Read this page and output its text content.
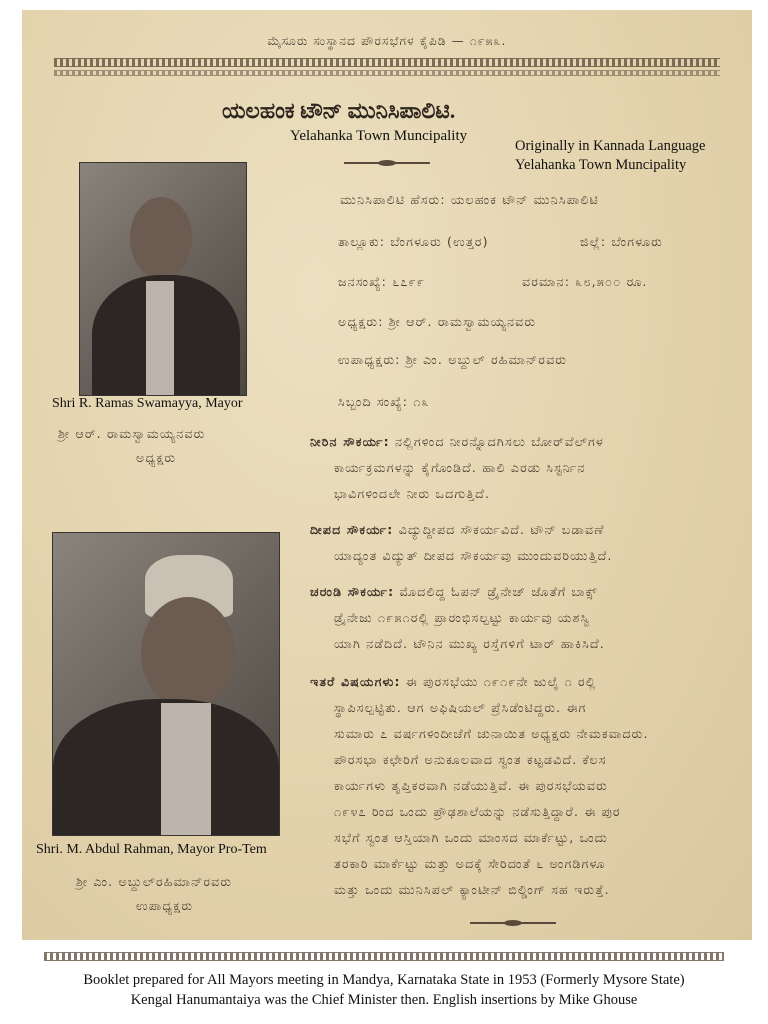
ಮೈಸೂರು ಸಂಸ್ಥಾನದ ಪೌರಸಭೆಗಳ ಕೈಪಿಡಿ — ೧೯೫೩.
ಯಲಹಂಕ ಟೌನ್ ಮುನಿಸಿಪಾಲಿಟಿ.
Yelahanka Town Muncipality
Originally in Kannada Language
Yelahanka Town Muncipality
Shri R. Ramas Swamayya, Mayor
ಶ್ರೀ ಆರ್. ರಾಮಸ್ವಾಮಯ್ಯನವರು
ಅಧ್ಯಕ್ಷರು
Shri. M. Abdul Rahman, Mayor Pro-Tem
ಶ್ರೀ ಎಂ. ಅಬ್ದುಲ್‌ರಹಿಮಾನ್‌ರವರು
ಉಪಾಧ್ಯಕ್ಷರು
ಮುನಿಸಿಪಾಲಿಟಿ ಹೆಸರು: ಯಲಹಂಕ ಟೌನ್ ಮುನಿಸಿಪಾಲಿಟಿ
ತಾಲ್ಲೂಕು: ಬೆಂಗಳೂರು (ಉತ್ತರ)	ಜಿಲ್ಲೆ: ಬೆಂಗಳೂರು
ಜನಸಂಖ್ಯೆ: ೬೭೯೯	ವರಮಾನ: ೩೮,೫೦೦ ರೂ.
ಅಧ್ಯಕ್ಷರು: ಶ್ರೀ ಆರ್. ರಾಮಸ್ವಾಮಯ್ಯನವರು
ಉಪಾಧ್ಯಕ್ಷರು: ಶ್ರೀ ಎಂ. ಅಬ್ದುಲ್ ರಹಿಮಾನ್‌ರವರು
ಸಿಬ್ಬಂದಿ ಸಂಖ್ಯೆ: ೧೩
ನೀರಿನ ಸೌಕರ್ಯ: ನಲ್ಲಿಗಳಿಂದ ನೀರನ್ನೊದಗಿಸಲು ಬೋರ್‌ವೆಲ್‌ಗಳ
ಕಾರ್ಯಕ್ರಮಗಳನ್ನು ಕೈಗೊಂಡಿದೆ. ಹಾಲಿ ಎರಡು ಸಿಸ್ಟರ್ನಿನ
ಭಾವಿಗಳಿಂದಲೇ ನೀರು ಒದಗುತ್ತಿದೆ.
ದೀಪದ ಸೌಕರ್ಯ: ವಿದ್ಯುದ್ದೀಪದ ಸೌಕರ್ಯವಿದೆ. ಟೌನ್ ಬಡಾವಣೆ
ಯಾದ್ಯಂತ ವಿದ್ಯುತ್ ದೀಪದ ಸೌಕರ್ಯವು ಮುಂದುವರಿಯುತ್ತಿದೆ.
ಚರಂಡಿ ಸೌಕರ್ಯ: ಮೊದಲಿದ್ದ ಓಪನ್ ಡ್ರೈನೇಜ್ ಜೊತೆಗೆ ಬಾಕ್ಸ್
ಡ್ರೈನೇಜು ೧೯೫೧ರಲ್ಲಿ ಪ್ರಾರಂಭಿಸಲ್ಪಟ್ಟು ಕಾರ್ಯವು ಯಶಸ್ವಿ
ಯಾಗಿ ನಡೆದಿದೆ. ಟೌನಿನ ಮುಖ್ಯ ರಸ್ತೆಗಳಿಗೆ ಟಾರ್ ಹಾಕಿಸಿದೆ.
ಇತರೆ ವಿಷಯಗಳು: ಈ ಪುರಸಭೆಯು ೧೯೧೯ನೇ ಜುಲೈ ೧ ರಲ್ಲಿ
ಸ್ಥಾಪಿಸಲ್ಪಟ್ಟಿತು. ಆಗ ಅಫಿಷಿಯಲ್ ಪ್ರೆಸಿಡೆಂಟಿದ್ದರು. ಈಗ
ಸುಮಾರು ೭ ವರ್ಷಗಳಿಂದೀಚೆಗೆ ಚುನಾಯಿತ ಅಧ್ಯಕ್ಷರು ನೇಮಕವಾದರು.
ಪೌರಸಭಾ ಕಛೇರಿಗೆ ಅನುಕೂಲವಾದ ಸ್ವಂತ ಕಟ್ಟಡವಿದೆ. ಕೆಲಸ
ಕಾರ್ಯಗಳು ತೃಪ್ತಿಕರವಾಗಿ ನಡೆಯುತ್ತಿವೆ. ಈ ಪುರಸಭೆಯವರು
೧೯೪೭ ರಿಂದ ಒಂದು ಪ್ರೌಢಶಾಲೆಯನ್ನು ನಡೆಸುತ್ತಿದ್ದಾರೆ. ಈ ಪುರ
ಸಭೆಗೆ ಸ್ವಂತ ಆಸ್ತಿಯಾಗಿ ಒಂದು ಮಾಂಸದ ಮಾರ್ಕೆಟ್ಟು, ಒಂದು
ತರಕಾರಿ ಮಾರ್ಕೆಟ್ಟು ಮತ್ತು ಅದಕ್ಕೆ ಸೇರಿದಂತೆ ೬ ಅಂಗಡಿಗಳೂ
ಮತ್ತು ಒಂದು ಮುನಿಸಿಪಲ್ ಕ್ಯಾಂಟೀನ್ ಬಿಲ್ಡಿಂಗ್ ಸಹ ಇರುತ್ತೆ.
Booklet prepared for All Mayors meeting in Mandya, Karnataka State in 1953 (Formerly Mysore State)
Kengal Hanumantaiya was the Chief Minister then. English insertions by Mike Ghouse
